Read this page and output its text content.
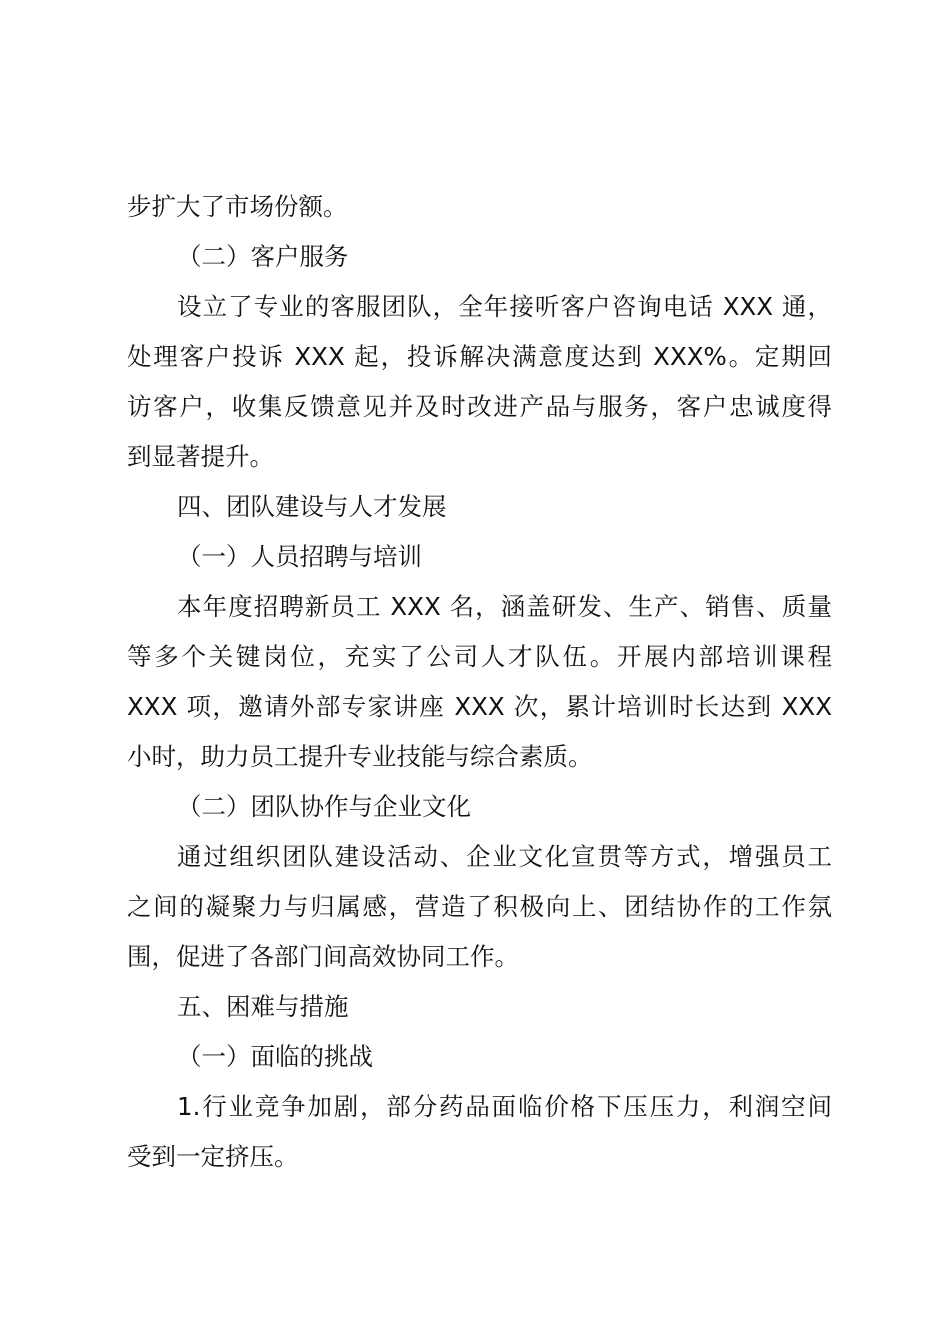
步扩大了市场份额。
（二）客户服务
设立了专业的客服团队，全年接听客户咨询电话 XXX 通，
处理客户投诉 XXX 起，投诉解决满意度达到 XXX%。定期回
访客户，收集反馈意见并及时改进产品与服务，客户忠诚度得
到显著提升。
四、团队建设与人才发展
（一）人员招聘与培训
本年度招聘新员工 XXX 名，涵盖研发、生产、销售、质量
等多个关键岗位，充实了公司人才队伍。开展内部培训课程
XXX 项，邀请外部专家讲座 XXX 次，累计培训时长达到 XXX
小时，助力员工提升专业技能与综合素质。
（二）团队协作与企业文化
通过组织团队建设活动、企业文化宣贯等方式，增强员工
之间的凝聚力与归属感，营造了积极向上、团结协作的工作氛
围，促进了各部门间高效协同工作。
五、困难与措施
（一）面临的挑战
1.行业竞争加剧，部分药品面临价格下压压力，利润空间
受到一定挤压。
